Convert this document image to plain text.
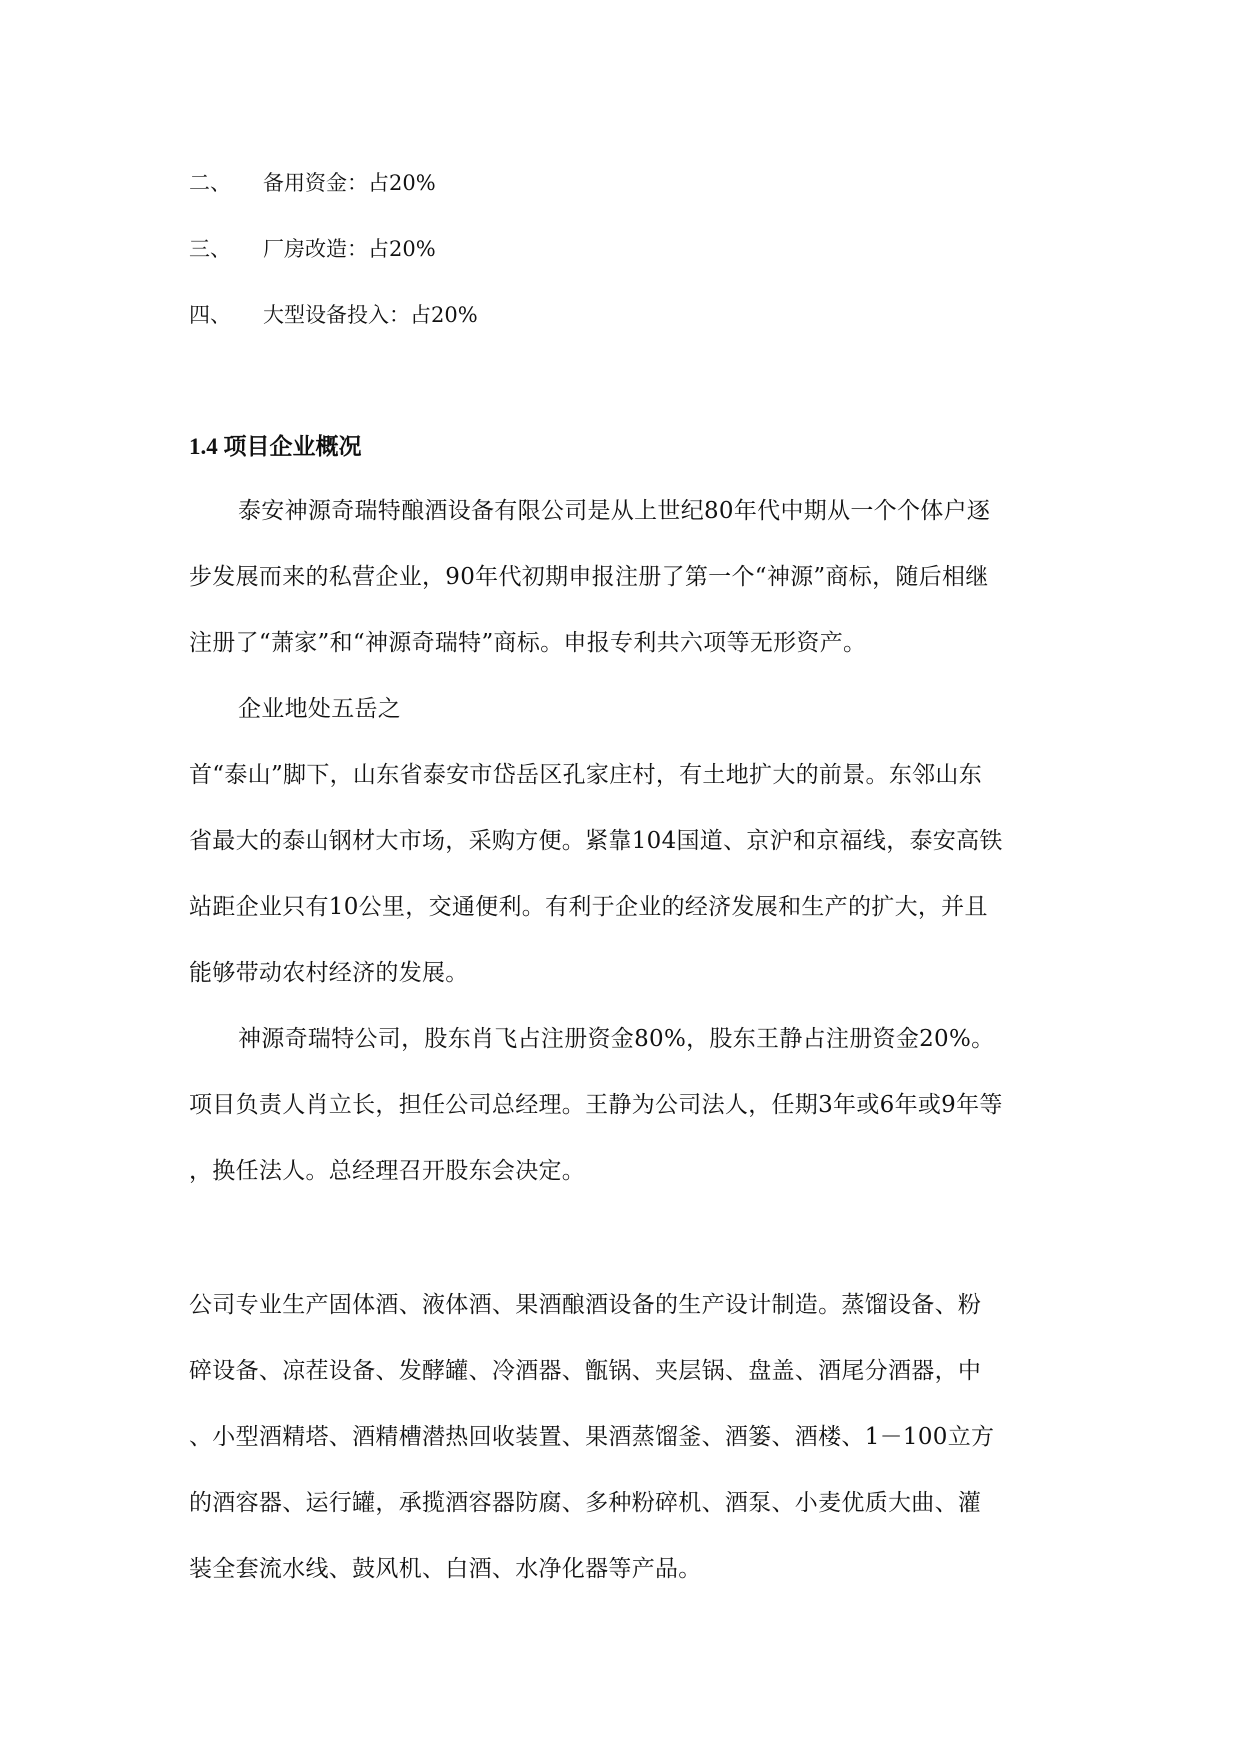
二、 备用资金：占20%
三、 厂房改造：占20%
四、 大型设备投入：占20%
1.4 项目企业概况
泰安神源奇瑞特酿酒设备有限公司是从上世纪80年代中期从一个个体户逐
步发展而来的私营企业，90年代初期申报注册了第一个“神源”商标，随后相继
注册了“萧家”和“神源奇瑞特”商标。申报专利共六项等无形资产。
企业地处五岳之
首“泰山”脚下，山东省泰安市岱岳区孔家庄村，有土地扩大的前景。东邻山东
省最大的泰山钢材大市场，采购方便。紧靠104国道、京沪和京福线，泰安高铁
站距企业只有10公里，交通便利。有利于企业的经济发展和生产的扩大，并且
能够带动农村经济的发展。
神源奇瑞特公司，股东肖飞占注册资金80%，股东王静占注册资金20%。
项目负责人肖立长，担任公司总经理。王静为公司法人，任期3年或6年或9年等
，换任法人。总经理召开股东会决定。
公司专业生产固体酒、液体酒、果酒酿酒设备的生产设计制造。蒸馏设备、粉
碎设备、凉茬设备、发酵罐、冷酒器、甑锅、夹层锅、盘盖、酒尾分酒器，中
、小型酒精塔、酒精槽潜热回收装置、果酒蒸馏釜、酒篓、酒楼、1－100立方
的酒容器、运行罐，承揽酒容器防腐、多种粉碎机、酒泵、小麦优质大曲、灌
装全套流水线、鼓风机、白酒、水净化器等产品。
